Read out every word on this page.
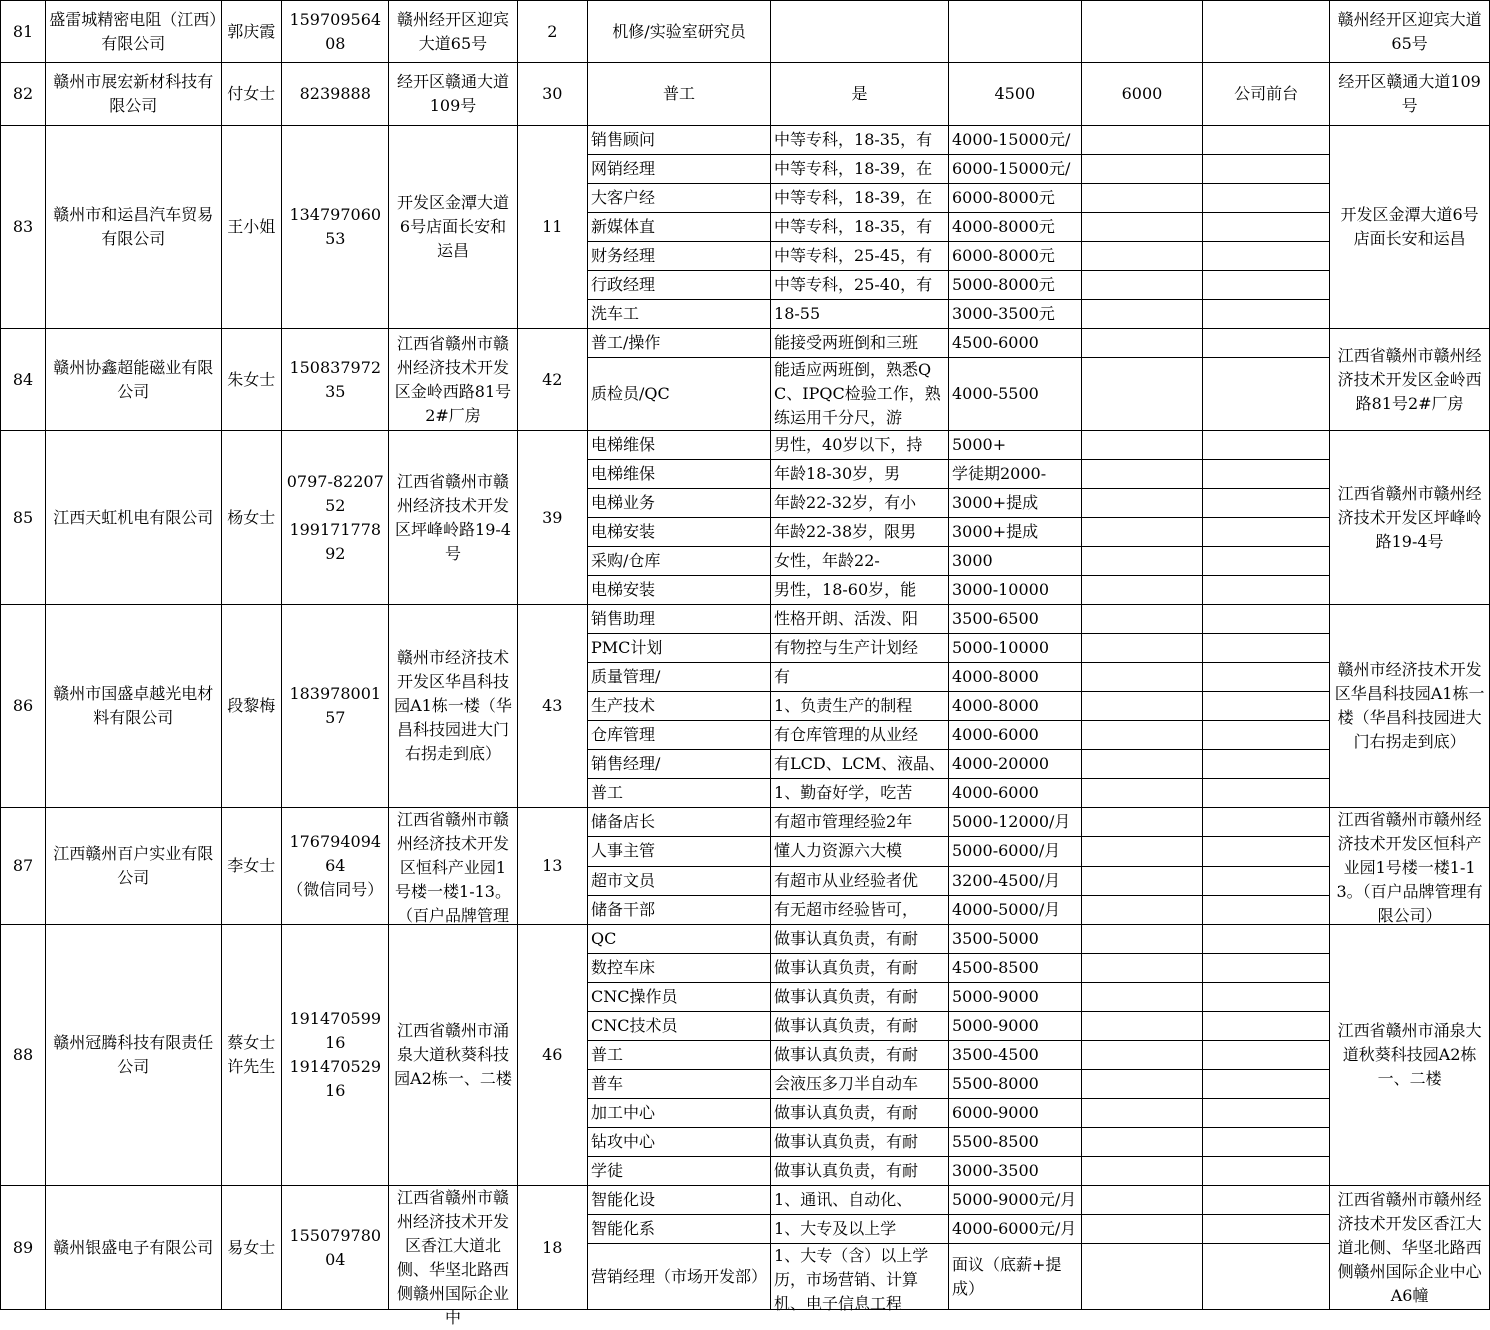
81	盛雷城精密电阻（江西）有限公司	郭庆霞	15970956408	赣州经开区迎宾大道65号	2	机修/实验室研究员					赣州经开区迎宾大道65号

82	赣州市展宏新材科技有限公司	付女士	8239888	经开区赣通大道109号	30	普工	是	4500	6000	公司前台	经开区赣通大道109号

83	赣州市和运昌汽车贸易有限公司	王小姐	13479706053	开发区金潭大道6号店面长安和运昌	11	销售顾问	中等专科，18-35，有	4000-15000元/			开发区金潭大道6号店面长安和运昌

						网销经理	中等专科，18-39，在	6000-15000元/			

						大客户经	中等专科，18-39，在	6000-8000元			

						新媒体直	中等专科，18-35，有	4000-8000元			

						财务经理	中等专科，25-45，有	6000-8000元			

						行政经理	中等专科，25-40，有	5000-8000元			

						洗车工	18-55	3000-3500元			

84	赣州协鑫超能磁业有限公司	朱女士	15083797235	江西省赣州市赣州经济技术开发区金岭西路81号2#厂房	42	普工/操作	能接受两班倒和三班	4500-6000			江西省赣州市赣州经济技术开发区金岭西路81号2#厂房

						质检员/QC	能适应两班倒，熟悉QC、IPQC检验工作，熟练运用千分尺，游	4000-5500			

85	江西天虹机电有限公司	杨女士	0797-8220752
19917177892	江西省赣州市赣州经济技术开发区坪峰岭路19-4号	39	电梯维保	男性，40岁以下，持	5000+			江西省赣州市赣州经济技术开发区坪峰岭路19-4号

						电梯维保	年龄18-30岁，男	学徒期2000-			

						电梯业务	年龄22-32岁，有小	3000+提成			

						电梯安装	年龄22-38岁，限男	3000+提成			

						采购/仓库	女性，年龄22-	3000			

						电梯安装	男性，18-60岁，能	3000-10000			

86	赣州市国盛卓越光电材料有限公司	段黎梅	18397800157	赣州市经济技术开发区华昌科技园A1栋一楼（华昌科技园进大门右拐走到底）	43	销售助理	性格开朗、活泼、阳	3500-6500			赣州市经济技术开发区华昌科技园A1栋一楼（华昌科技园进大门右拐走到底）

						PMC计划	有物控与生产计划经	5000-10000			

						质量管理/	有	4000-8000			

						生产技术	1、负责生产的制程	4000-8000			

						仓库管理	有仓库管理的从业经	4000-6000			

						销售经理/	有LCD、LCM、液晶、	4000-20000			

						普工	1、勤奋好学，吃苦	4000-6000			

87	江西赣州百户实业有限公司	李女士	17679409464
（微信同号）	江西省赣州市赣州经济技术开发区恒科产业园1号楼一楼1-13。（百户品牌管理	13	储备店长	有超市管理经验2年	5000-12000/月			江西省赣州市赣州经济技术开发区恒科产业园1号楼一楼1-13。（百户品牌管理有限公司）

						人事主管	懂人力资源六大模	5000-6000/月			

						超市文员	有超市从业经验者优	3200-4500/月			

						储备干部	有无超市经验皆可，	4000-5000/月			

88	赣州冠腾科技有限责任公司	蔡女士
许先生	19147059916
19147052916	江西省赣州市涌泉大道秋葵科技园A2栋一、二楼	46	QC	做事认真负责，有耐	3500-5000			江西省赣州市涌泉大道秋葵科技园A2栋一、二楼

						数控车床	做事认真负责，有耐	4500-8500			

						CNC操作员	做事认真负责，有耐	5000-9000			

						CNC技术员	做事认真负责，有耐	5000-9000			

						普工	做事认真负责，有耐	3500-4500			

						普车	会液压多刀半自动车	5500-8000			

						加工中心	做事认真负责，有耐	6000-9000			

						钻攻中心	做事认真负责，有耐	5500-8500			

						学徒	做事认真负责，有耐	3000-3500			

89	赣州银盛电子有限公司	易女士	15507978004	江西省赣州市赣州经济技术开发区香江大道北侧、华坚北路西侧赣州国际企业中	18	智能化设	1、通讯、自动化、	5000-9000元/月			江西省赣州市赣州经济技术开发区香江大道北侧、华坚北路西侧赣州国际企业中心A6幢

						智能化系	1、大专及以上学	4000-6000元/月			

						营销经理（市场开发部）	1、大专（含）以上学历，市场营销、计算机、电子信息工程	面议（底薪+提成）			
